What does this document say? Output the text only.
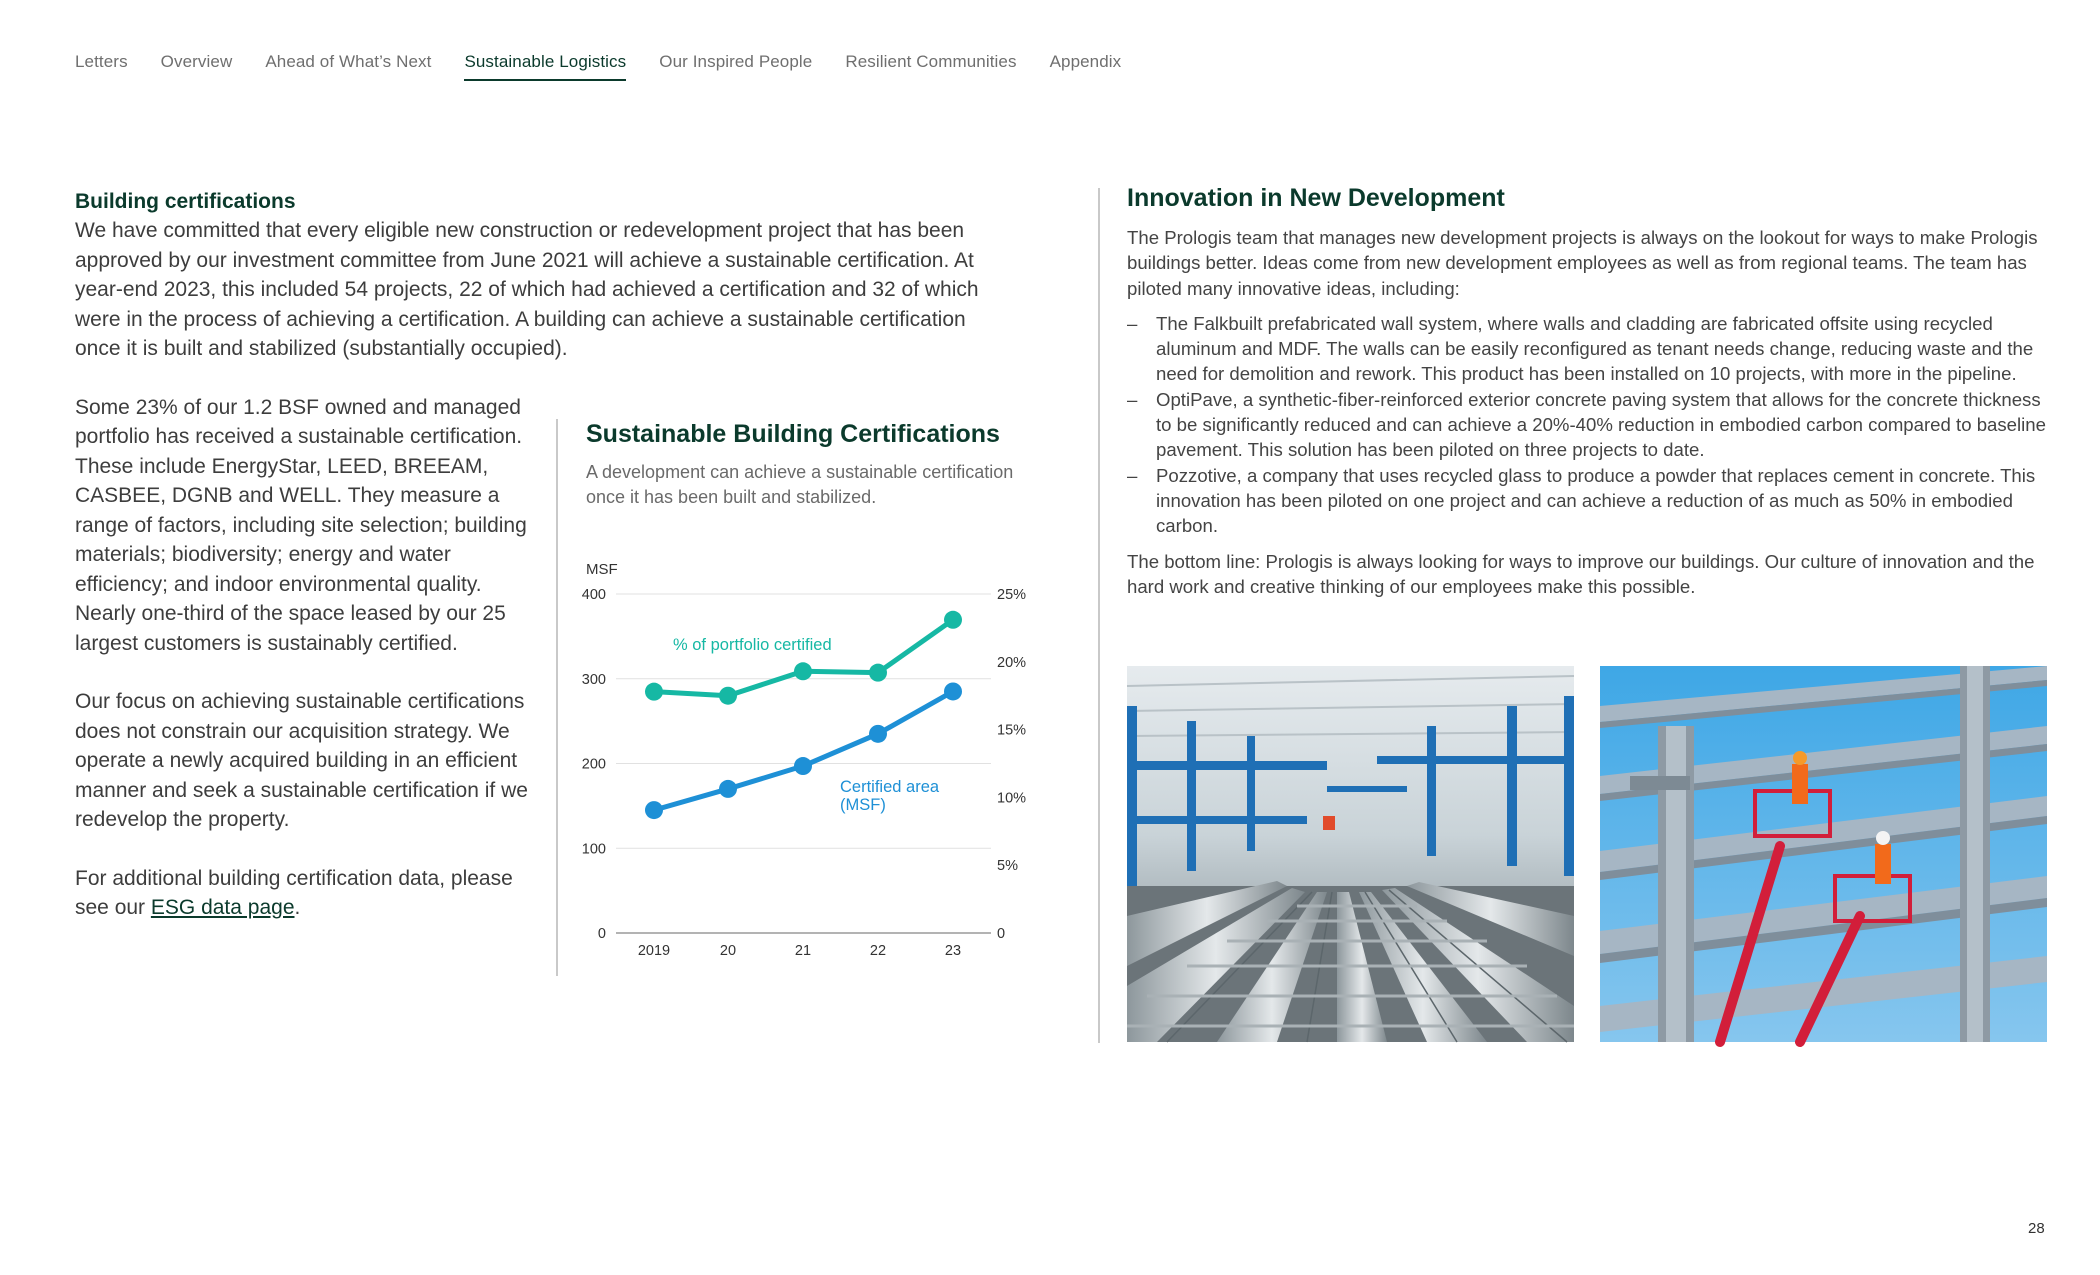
Letters Overview Ahead of What’s Next Sustainable Logistics Our Inspired People Resilient Communities Appendix
Building certifications

We have committed that every eligible new construction or redevelopment project that has been approved by our investment committee from June 2021 will achieve a sustainable certification. At year-end 2023, this included 54 projects, 22 of which had achieved a certification and 32 of which were in the process of achieving a certification. A building can achieve a sustainable certification once it is built and stabilized (substantially occupied).

Some 23% of our 1.2 BSF owned and managed portfolio has received a sustainable certification. These include EnergyStar, LEED, BREEAM, CASBEE, DGNB and WELL. They measure a range of factors, including site selection; building materials; biodiversity; energy and water efficiency; and indoor environmental quality. Nearly one-third of the space leased by our 25 largest customers is sustainably certified.

Our focus on achieving sustainable certifications does not constrain our acquisition strategy. We operate a newly acquired building in an efficient manner and seek a sustainable certification if we redevelop the property.

For additional building certification data, please see our ESG data page.

Sustainable Building Certifications

A development can achieve a sustainable certification once it has been built and stabilized.

MSF
0
100
200
300
400
0
5%
10%
15%
20%
25%
2019	20	21	22	23
% of portfolio certified
Certified area
(MSF)
Innovation in New Development

The Prologis team that manages new development projects is always on the lookout for ways to make Prologis buildings better. Ideas come from new development employees as well as from regional teams. The team has piloted many innovative ideas, including:

– The Falkbuilt prefabricated wall system, where walls and cladding are fabricated offsite using recycled aluminum and MDF. The walls can be easily reconfigured as tenant needs change, reducing waste and the need for demolition and rework. This product has been installed on 10 projects, with more in the pipeline.
– OptiPave, a synthetic-fiber-reinforced exterior concrete paving system that allows for the concrete thickness to be significantly reduced and can achieve a 20%-40% reduction in embodied carbon compared to baseline pavement. This solution has been piloted on three projects to date.
– Pozzotive, a company that uses recycled glass to produce a powder that replaces cement in concrete. This innovation has been piloted on one project and can achieve a reduction of as much as 50% in embodied carbon.

The bottom line: Prologis is always looking for ways to improve our buildings. Our culture of innovation and the hard work and creative thinking of our employees make this possible.

28
